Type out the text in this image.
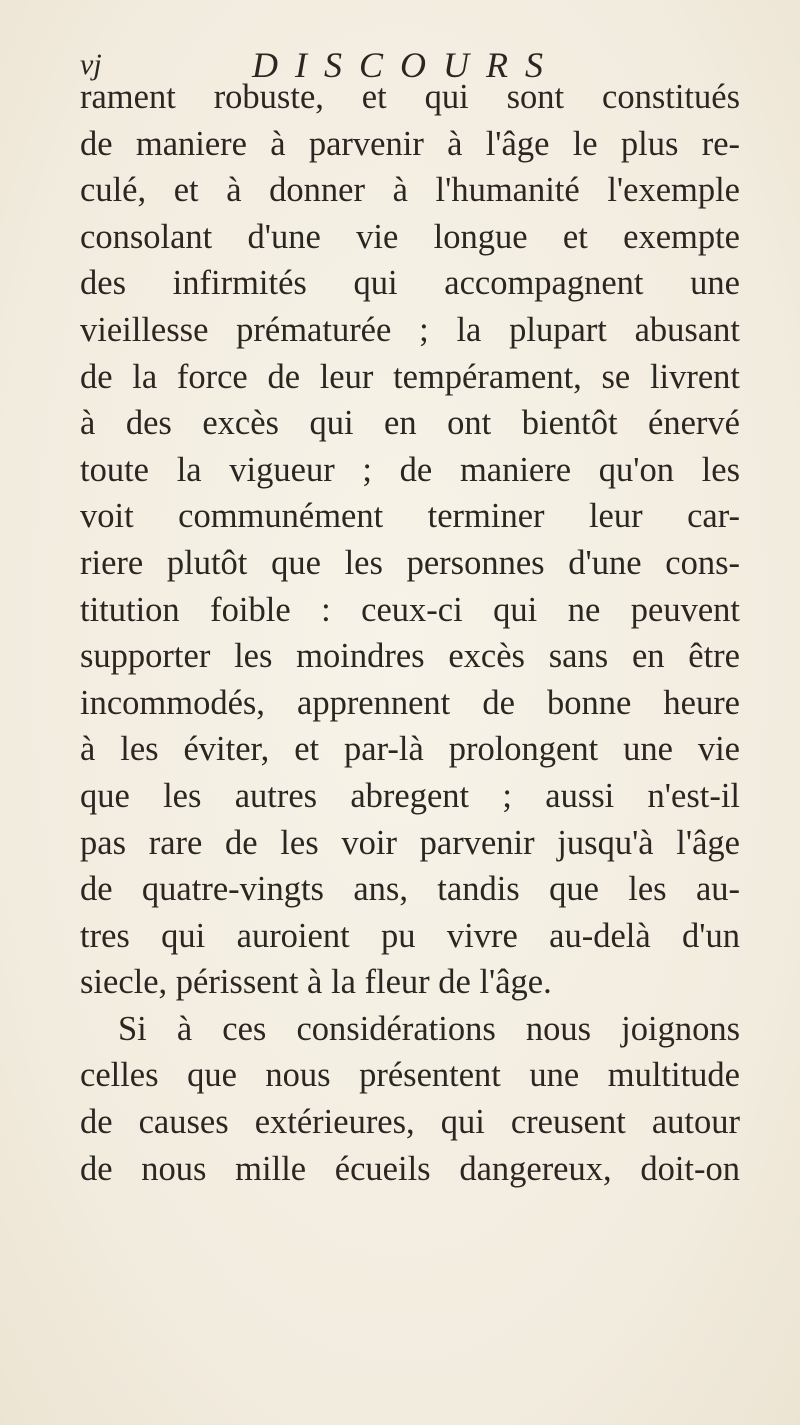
vj	DISCOURS
rament robuste, et qui sont constitués
de maniere à parvenir à l'âge le plus re-
culé, et à donner à l'humanité l'exemple
consolant d'une vie longue et exempte
des infirmités qui accompagnent une
vieillesse prématurée ; la plupart abusant
de la force de leur tempérament, se livrent
à des excès qui en ont bientôt énervé
toute la vigueur ; de maniere qu'on les
voit communément terminer leur car-
riere plutôt que les personnes d'une cons-
titution foible : ceux-ci qui ne peuvent
supporter les moindres excès sans en être
incommodés, apprennent de bonne heure
à les éviter, et par-là prolongent une vie
que les autres abregent ; aussi n'est-il
pas rare de les voir parvenir jusqu'à l'âge
de quatre-vingts ans, tandis que les au-
tres qui auroient pu vivre au-delà d'un
siecle, périssent à la fleur de l'âge.
Si à ces considérations nous joignons
celles que nous présentent une multitude
de causes extérieures, qui creusent autour
de nous mille écueils dangereux, doit-on
